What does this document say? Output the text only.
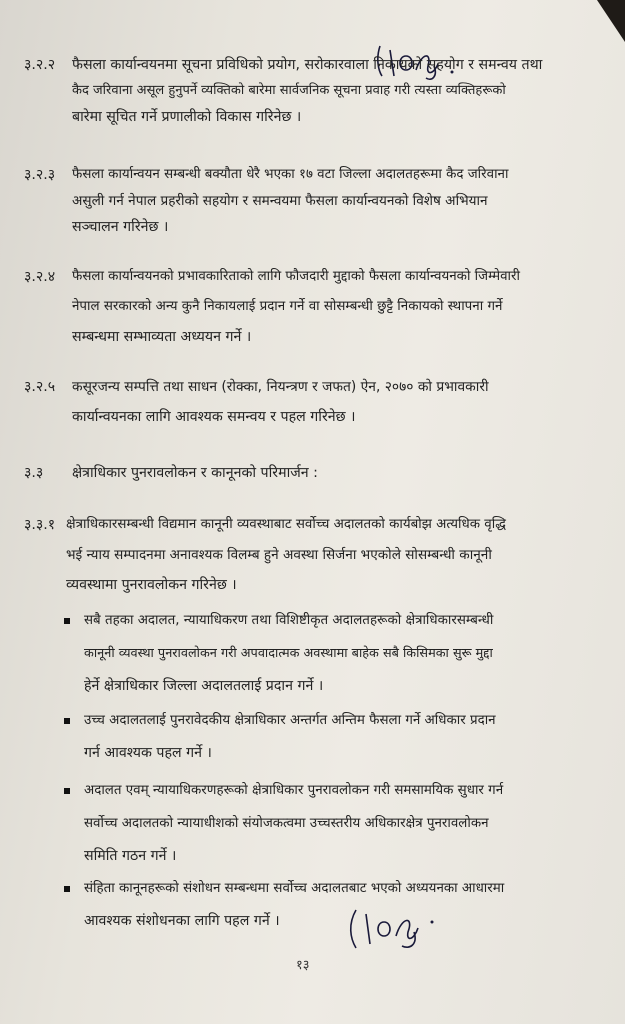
३.२.२ फैसला कार्यान्वयनमा सूचना प्रविधिको प्रयोग, सरोकारवाला निकायको सहयोग र समन्वय तथा
कैद जरिवाना असूल हुनुपर्ने व्यक्तिको बारेमा सार्वजनिक सूचना प्रवाह गरी त्यस्ता व्यक्तिहरूको
बारेमा सूचित गर्ने प्रणालीको विकास गरिनेछ ।
३.२.३ फैसला कार्यान्वयन सम्बन्धी बक्यौता धेरै भएका १७ वटा जिल्ला अदालतहरूमा कैद जरिवाना
असुली गर्न नेपाल प्रहरीको सहयोग र समन्वयमा फैसला कार्यान्वयनको विशेष अभियान
सञ्चालन गरिनेछ ।
३.२.४ फैसला कार्यान्वयनको प्रभावकारिताको लागि फौजदारी मुद्दाको फैसला कार्यान्वयनको जिम्मेवारी
नेपाल सरकारको अन्य कुनै निकायलाई प्रदान गर्ने वा सोसम्बन्धी छुट्टै निकायको स्थापना गर्ने
सम्बन्धमा सम्भाव्यता अध्ययन गर्ने ।
३.२.५ कसूरजन्य सम्पत्ति तथा साधन (रोक्का, नियन्त्रण र जफत) ऐन, २०७० को प्रभावकारी
कार्यान्वयनका लागि आवश्यक समन्वय र पहल गरिनेछ ।
३.३ क्षेत्राधिकार पुनरावलोकन र कानूनको परिमार्जन :
३.३.१ क्षेत्राधिकारसम्बन्धी विद्यमान कानूनी व्यवस्थाबाट सर्वोच्च अदालतको कार्यबोझ अत्यधिक वृद्धि
भई न्याय सम्पादनमा अनावश्यक विलम्ब हुने अवस्था सिर्जना भएकोले सोसम्बन्धी कानूनी
व्यवस्थामा पुनरावलोकन गरिनेछ ।
सबै तहका अदालत, न्यायाधिकरण तथा विशिष्टीकृत अदालतहरूको क्षेत्राधिकारसम्बन्धी
कानूनी व्यवस्था पुनरावलोकन गरी अपवादात्मक अवस्थामा बाहेक सबै किसिमका सुरू मुद्दा
हेर्ने क्षेत्राधिकार जिल्ला अदालतलाई प्रदान गर्ने ।
उच्च अदालतलाई पुनरावेदकीय क्षेत्राधिकार अन्तर्गत अन्तिम फैसला गर्ने अधिकार प्रदान
गर्न आवश्यक पहल गर्ने ।
अदालत एवम् न्यायाधिकरणहरूको क्षेत्राधिकार पुनरावलोकन गरी समसामयिक सुधार गर्न
सर्वोच्च अदालतको न्यायाधीशको संयोजकत्वमा उच्चस्तरीय अधिकारक्षेत्र पुनरावलोकन
समिति गठन गर्ने ।
संहिता कानूनहरूको संशोधन सम्बन्धमा सर्वोच्च अदालतबाट भएको अध्ययनका आधारमा
आवश्यक संशोधनका लागि पहल गर्ने ।
१३
